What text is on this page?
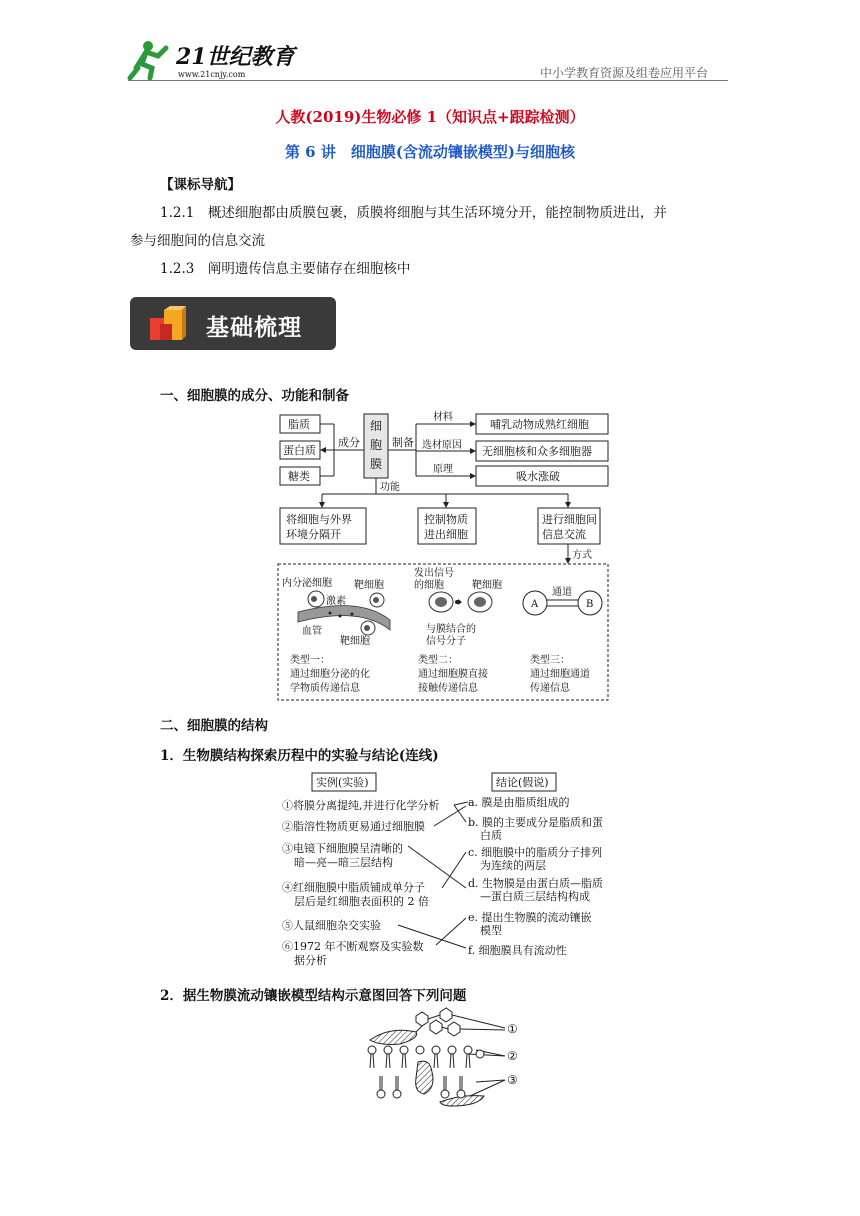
21世纪教育
www.21cnjy.com	中小学教育资源及组卷应用平台
人教(2019)生物必修 1（知识点+跟踪检测）
第 6 讲　细胞膜(含流动镶嵌模型)与细胞核
【课标导航】
1.2.1　概述细胞都由质膜包裹，质膜将细胞与其生活环境分开，能控制物质进出，并
参与细胞间的信息交流
1.2.3　阐明遗传信息主要储存在细胞核中
基础梳理
一、细胞膜的成分、功能和制备
脂质
蛋白质
糖类
成分	制备
细
胞
膜
材料
选材原因
原理
哺乳动物成熟红细胞
无细胞核和众多细胞器
吸水涨破
功能
将细胞与外界
环境分隔开
控制物质
进出细胞
进行细胞间
信息交流
方式
内分泌细胞 靶细胞
激素
血管
靶细胞
类型一：
通过细胞分泌的化
学物质传递信息
发出信号
的细胞	靶细胞
与膜结合的
信号分子
类型二：
通过细胞膜直接
接触传递信息
通道
A	B
类型三：
通过细胞通道
传递信息
二、细胞膜的结构
1．生物膜结构探索历程中的实验与结论(连线)
实例(实验)	结论(假说)
①将膜分离提纯,并进行化学分析
②脂溶性物质更易通过细胞膜
③电镜下细胞膜呈清晰的
暗—亮—暗三层结构
④红细胞膜中脂质铺成单分子
层后是红细胞表面积的 2 倍
⑤人鼠细胞杂交实验
⑥1972 年不断观察及实验数
据分析
a. 膜是由脂质组成的
b. 膜的主要成分是脂质和蛋
白质
c. 细胞膜中的脂质分子排列
为连续的两层
d. 生物膜是由蛋白质—脂质
—蛋白质三层结构构成
e. 提出生物膜的流动镶嵌
模型
f. 细胞膜具有流动性
2．据生物膜流动镶嵌模型结构示意图回答下列问题
①
②
③
